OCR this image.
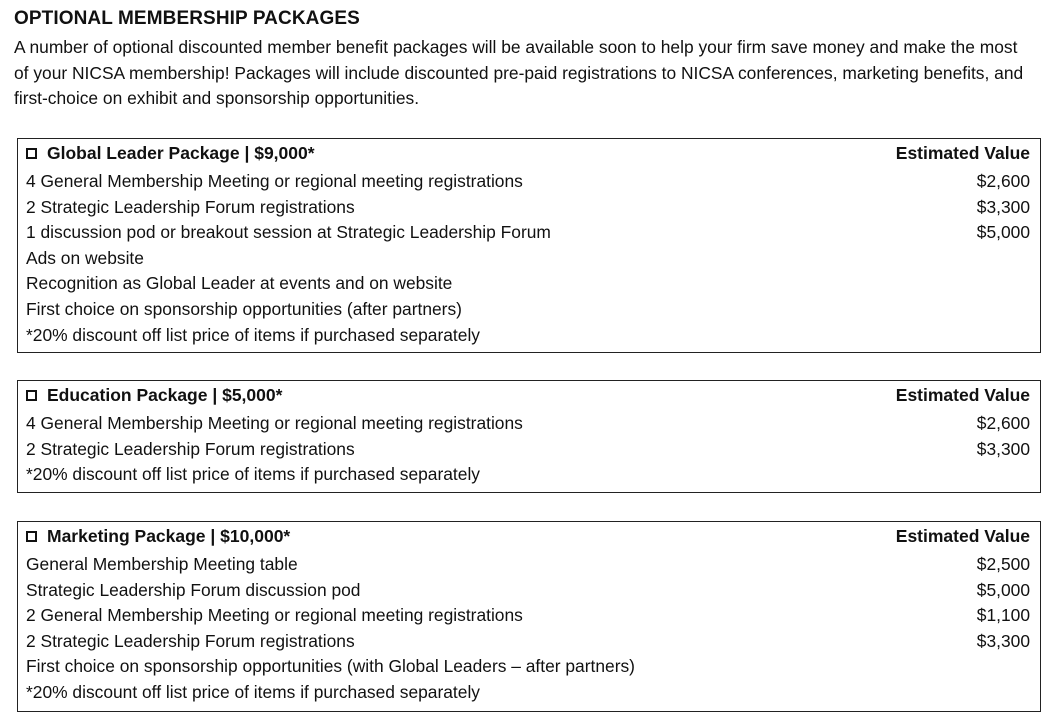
OPTIONAL MEMBERSHIP PACKAGES
A number of optional discounted member benefit packages will be available soon to help your firm save money and make the most of your NICSA membership! Packages will include discounted pre-paid registrations to NICSA conferences, marketing benefits, and first-choice on exhibit and sponsorship opportunities.
Global Leader Package | $9,000*	Estimated Value
4 General Membership Meeting or regional meeting registrations	$2,600
2 Strategic Leadership Forum registrations	$3,300
1 discussion pod or breakout session at Strategic Leadership Forum	$5,000
Ads on website
Recognition as Global Leader at events and on website
First choice on sponsorship opportunities (after partners)
*20% discount off list price of items if purchased separately
Education Package | $5,000*	Estimated Value
4 General Membership Meeting or regional meeting registrations	$2,600
2 Strategic Leadership Forum registrations	$3,300
*20% discount off list price of items if purchased separately
Marketing Package | $10,000*	Estimated Value
General Membership Meeting table	$2,500
Strategic Leadership Forum discussion pod	$5,000
2 General Membership Meeting or regional meeting registrations	$1,100
2 Strategic Leadership Forum registrations	$3,300
First choice on sponsorship opportunities (with Global Leaders – after partners)
*20% discount off list price of items if purchased separately
